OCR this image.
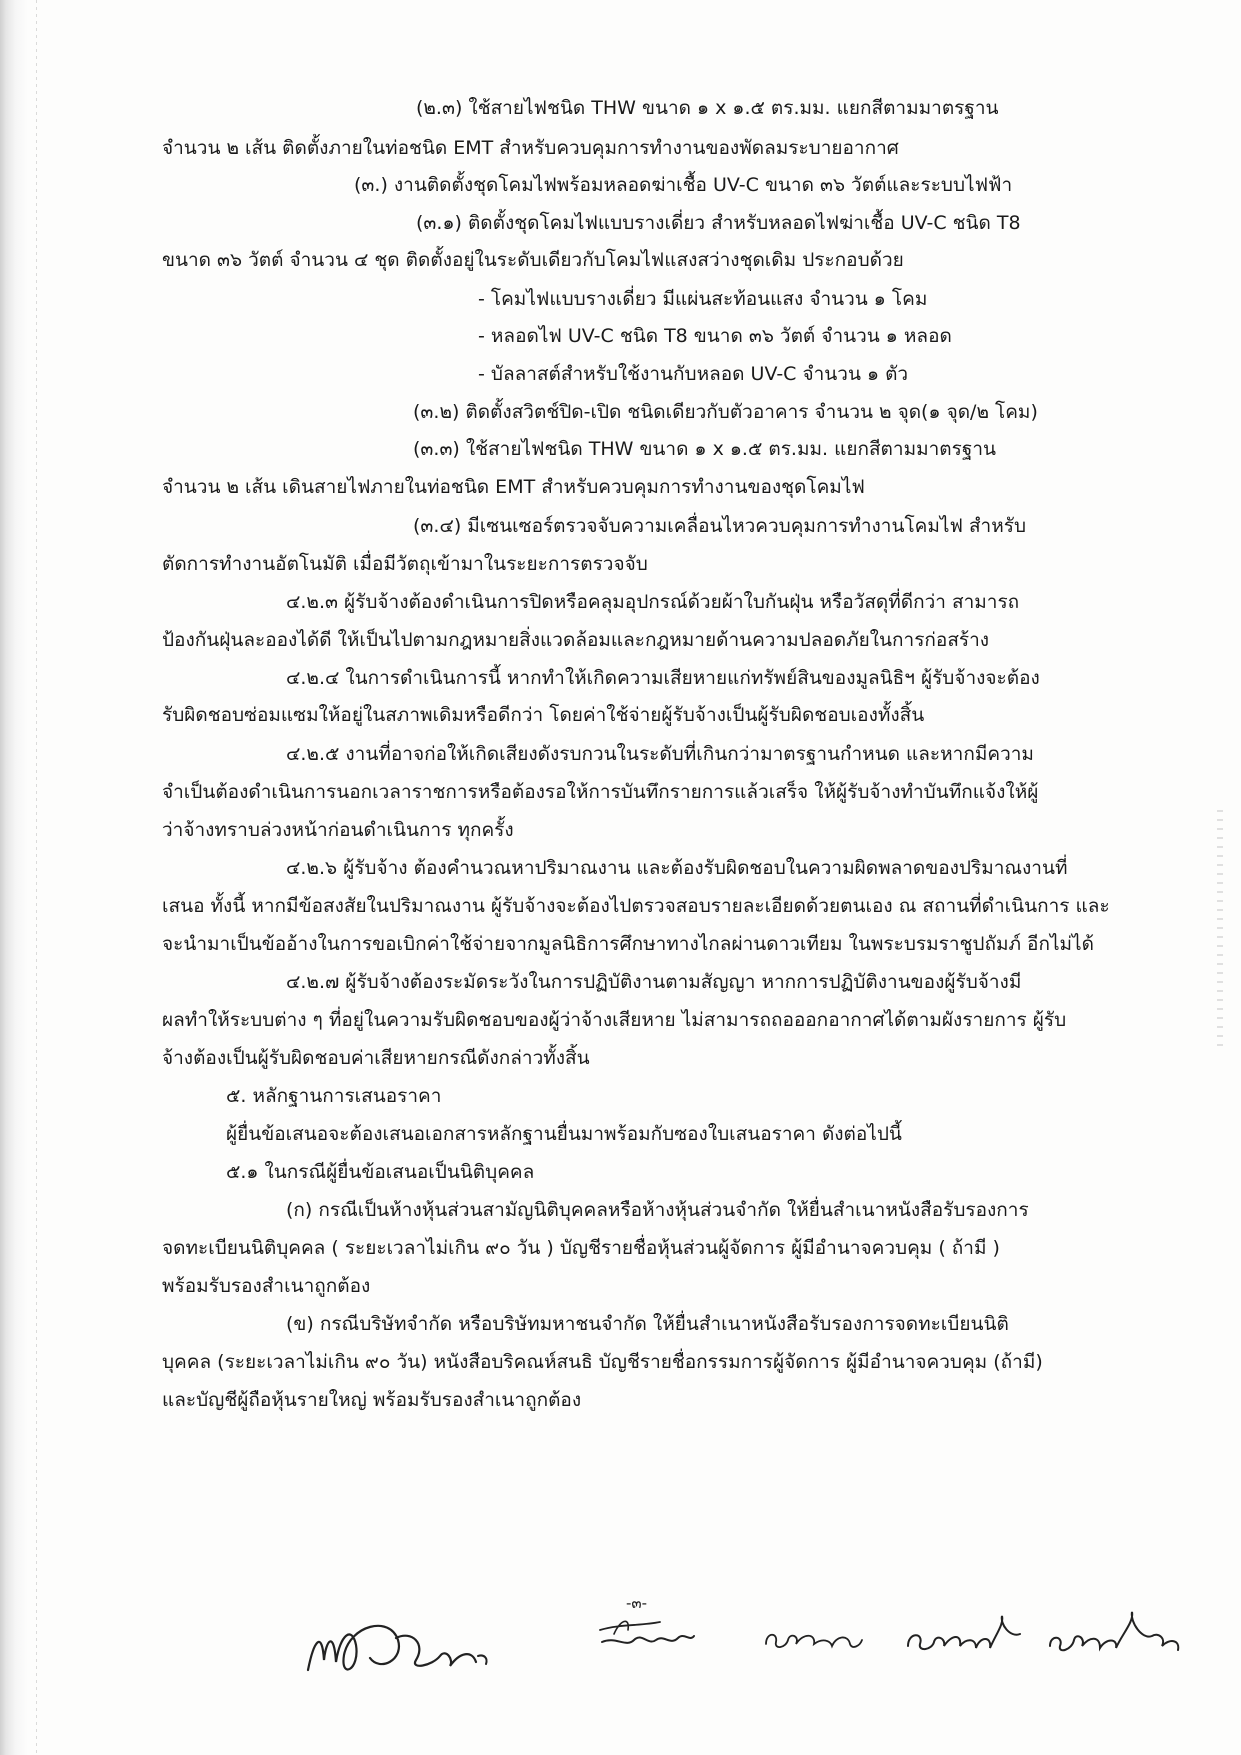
(๒.๓) ใช้สายไฟชนิด THW ขนาด ๑ x ๑.๕ ตร.มม. แยกสีตามมาตรฐาน
จำนวน ๒ เส้น ติดตั้งภายในท่อชนิด EMT สำหรับควบคุมการทำงานของพัดลมระบายอากาศ
(๓.) งานติดตั้งชุดโคมไฟพร้อมหลอดฆ่าเชื้อ UV-C ขนาด ๓๖ วัตต์และระบบไฟฟ้า
(๓.๑) ติดตั้งชุดโคมไฟแบบรางเดี่ยว สำหรับหลอดไฟฆ่าเชื้อ UV-C ชนิด T8
ขนาด ๓๖ วัตต์ จำนวน ๔ ชุด ติดตั้งอยู่ในระดับเดียวกับโคมไฟแสงสว่างชุดเดิม ประกอบด้วย
- โคมไฟแบบรางเดี่ยว มีแผ่นสะท้อนแสง จำนวน ๑ โคม
- หลอดไฟ UV-C ชนิด T8 ขนาด ๓๖ วัตต์ จำนวน ๑ หลอด
- บัลลาสต์สำหรับใช้งานกับหลอด UV-C จำนวน ๑ ตัว
(๓.๒) ติดตั้งสวิตช์ปิด-เปิด ชนิดเดียวกับตัวอาคาร จำนวน ๒ จุด(๑ จุด/๒ โคม)
(๓.๓) ใช้สายไฟชนิด THW ขนาด ๑ x ๑.๕ ตร.มม. แยกสีตามมาตรฐาน
จำนวน ๒ เส้น เดินสายไฟภายในท่อชนิด EMT สำหรับควบคุมการทำงานของชุดโคมไฟ
(๓.๔) มีเซนเซอร์ตรวจจับความเคลื่อนไหวควบคุมการทำงานโคมไฟ สำหรับ
ตัดการทำงานอัตโนมัติ เมื่อมีวัตถุเข้ามาในระยะการตรวจจับ
๔.๒.๓ ผู้รับจ้างต้องดำเนินการปิดหรือคลุมอุปกรณ์ด้วยผ้าใบกันฝุ่น หรือวัสดุที่ดีกว่า สามารถ
ป้องกันฝุ่นละอองได้ดี ให้เป็นไปตามกฎหมายสิ่งแวดล้อมและกฎหมายด้านความปลอดภัยในการก่อสร้าง
๔.๒.๔ ในการดำเนินการนี้ หากทำให้เกิดความเสียหายแก่ทรัพย์สินของมูลนิธิฯ ผู้รับจ้างจะต้อง
รับผิดชอบซ่อมแซมให้อยู่ในสภาพเดิมหรือดีกว่า โดยค่าใช้จ่ายผู้รับจ้างเป็นผู้รับผิดชอบเองทั้งสิ้น
๔.๒.๕ งานที่อาจก่อให้เกิดเสียงดังรบกวนในระดับที่เกินกว่ามาตรฐานกำหนด และหากมีความ
จำเป็นต้องดำเนินการนอกเวลาราชการหรือต้องรอให้การบันทึกรายการแล้วเสร็จ ให้ผู้รับจ้างทำบันทึกแจ้งให้ผู้
ว่าจ้างทราบล่วงหน้าก่อนดำเนินการ ทุกครั้ง
๔.๒.๖ ผู้รับจ้าง ต้องคำนวณหาปริมาณงาน และต้องรับผิดชอบในความผิดพลาดของปริมาณงานที่
เสนอ ทั้งนี้ หากมีข้อสงสัยในปริมาณงาน ผู้รับจ้างจะต้องไปตรวจสอบรายละเอียดด้วยตนเอง ณ สถานที่ดำเนินการ และ
จะนำมาเป็นข้ออ้างในการขอเบิกค่าใช้จ่ายจากมูลนิธิการศึกษาทางไกลผ่านดาวเทียม ในพระบรมราชูปถัมภ์ อีกไม่ได้
๔.๒.๗ ผู้รับจ้างต้องระมัดระวังในการปฏิบัติงานตามสัญญา หากการปฏิบัติงานของผู้รับจ้างมี
ผลทำให้ระบบต่าง ๆ ที่อยู่ในความรับผิดชอบของผู้ว่าจ้างเสียหาย ไม่สามารถถอออกอากาศได้ตามผังรายการ ผู้รับ
จ้างต้องเป็นผู้รับผิดชอบค่าเสียหายกรณีดังกล่าวทั้งสิ้น
๕. หลักฐานการเสนอราคา
ผู้ยื่นข้อเสนอจะต้องเสนอเอกสารหลักฐานยื่นมาพร้อมกับซองใบเสนอราคา ดังต่อไปนี้
๕.๑ ในกรณีผู้ยื่นข้อเสนอเป็นนิติบุคคล
(ก) กรณีเป็นห้างหุ้นส่วนสามัญนิติบุคคลหรือห้างหุ้นส่วนจำกัด ให้ยื่นสำเนาหนังสือรับรองการ
จดทะเบียนนิติบุคคล ( ระยะเวลาไม่เกิน ๙๐ วัน ) บัญชีรายชื่อหุ้นส่วนผู้จัดการ ผู้มีอำนาจควบคุม ( ถ้ามี )
พร้อมรับรองสำเนาถูกต้อง
(ข) กรณีบริษัทจำกัด หรือบริษัทมหาชนจำกัด ให้ยื่นสำเนาหนังสือรับรองการจดทะเบียนนิติ
บุคคล (ระยะเวลาไม่เกิน ๙๐ วัน) หนังสือบริคณห์สนธิ บัญชีรายชื่อกรรมการผู้จัดการ ผู้มีอำนาจควบคุม (ถ้ามี)
และบัญชีผู้ถือหุ้นรายใหญ่ พร้อมรับรองสำเนาถูกต้อง
-๓-
